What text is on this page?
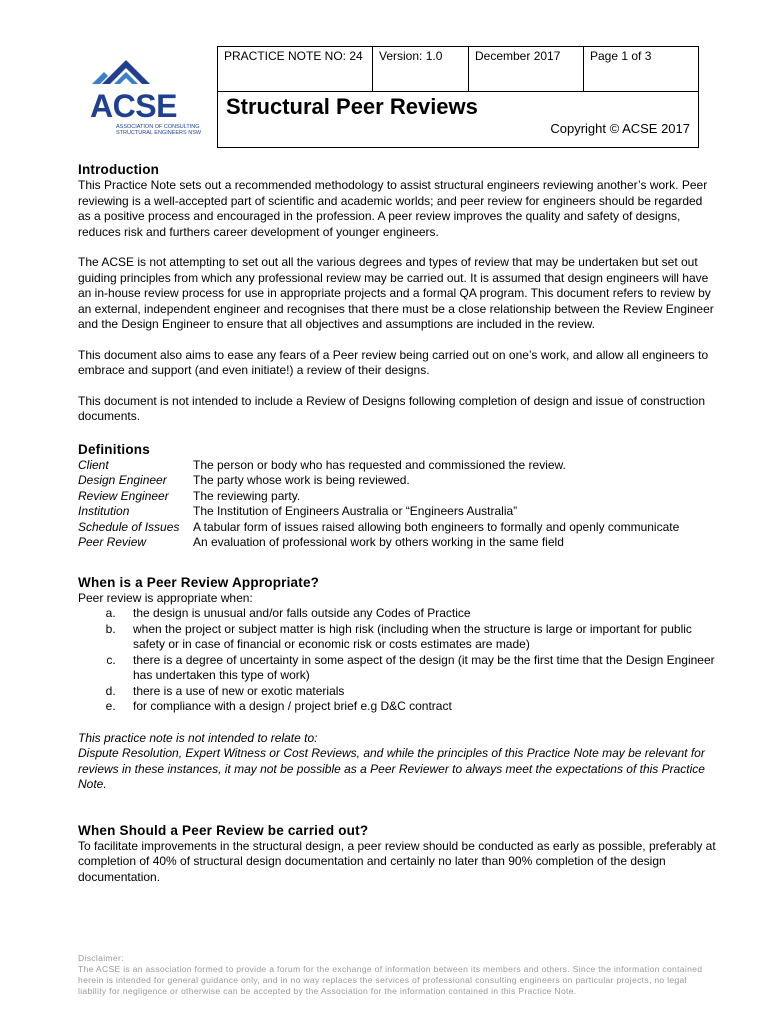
ACSE
ASSOCIATION OF CONSULTING STRUCTURAL ENGINEERS NSW
PRACTICE NOTE NO: 24	Version: 1.0	December 2017	Page 1 of 3
Structural Peer Reviews
Copyright © ACSE 2017
Introduction

This Practice Note sets out a recommended methodology to assist structural engineers reviewing another’s work. Peer reviewing is a well-accepted part of scientific and academic worlds; and peer review for engineers should be regarded as a positive process and encouraged in the profession. A peer review improves the quality and safety of designs, reduces risk and furthers career development of younger engineers.

The ACSE is not attempting to set out all the various degrees and types of review that may be undertaken but set out guiding principles from which any professional review may be carried out. It is assumed that design engineers will have an in-house review process for use in appropriate projects and a formal QA program. This document refers to review by an external, independent engineer and recognises that there must be a close relationship between the Review Engineer and the Design Engineer to ensure that all objectives and assumptions are included in the review.

This document also aims to ease any fears of a Peer review being carried out on one’s work, and allow all engineers to embrace and support (and even initiate!) a review of their designs.

This document is not intended to include a Review of Designs following completion of design and issue of construction documents.

Definitions
Client	The person or body who has requested and commissioned the review.
Design Engineer	The party whose work is being reviewed.
Review Engineer	The reviewing party.
Institution	The Institution of Engineers Australia or “Engineers Australia”
Schedule of Issues	A tabular form of issues raised allowing both engineers to formally and openly communicate
Peer Review	An evaluation of professional work by others working in the same field
When is a Peer Review Appropriate?

Peer review is appropriate when:

a. the design is unusual and/or falls outside any Codes of Practice
b. when the project or subject matter is high risk (including when the structure is large or important for public safety or in case of financial or economic risk or costs estimates are made)
c. there is a degree of uncertainty in some aspect of the design (it may be the first time that the Design Engineer has undertaken this type of work)
d. there is a use of new or exotic materials
e. for compliance with a design / project brief e.g D&C contract

This practice note is not intended to relate to:

Dispute Resolution, Expert Witness or Cost Reviews, and while the principles of this Practice Note may be relevant for reviews in these instances, it may not be possible as a Peer Reviewer to always meet the expectations of this Practice Note.

When Should a Peer Review be carried out?

To facilitate improvements in the structural design, a peer review should be conducted as early as possible, preferably at completion of 40% of structural design documentation and certainly no later than 90% completion of the design documentation.

Disclaimer:
The ACSE is an association formed to provide a forum for the exchange of information between its members and others. Since the information contained herein is intended for general guidance only, and in no way replaces the services of professional consulting engineers on particular projects, no legal liability for negligence or otherwise can be accepted by the Association for the information contained in this Practice Note.
